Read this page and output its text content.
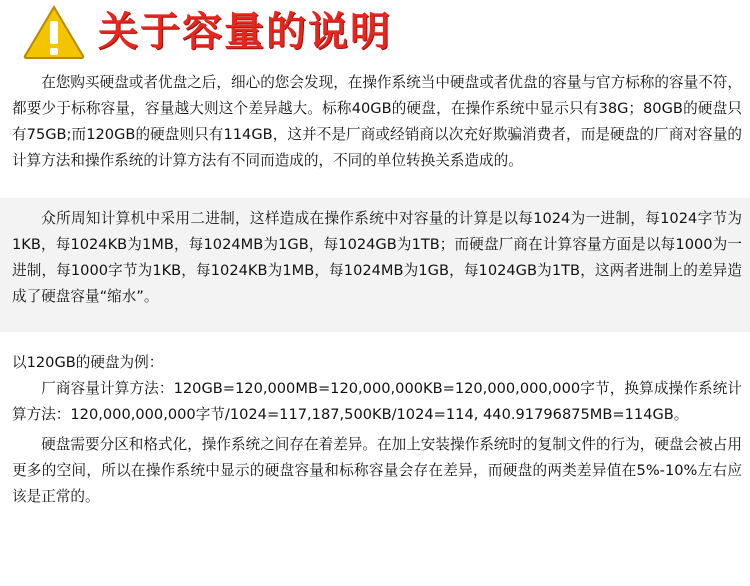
关于容量的说明

在您购买硬盘或者优盘之后，细心的您会发现，在操作系统当中硬盘或者优盘的容量与官方标称的容量不符，都要少于标称容量，容量越大则这个差异越大。标称40GB的硬盘，在操作系统中显示只有38G；80GB的硬盘只有75GB;而120GB的硬盘则只有114GB，这并不是厂商或经销商以次充好欺骗消费者，而是硬盘的厂商对容量的计算方法和操作系统的计算方法有不同而造成的，不同的单位转换关系造成的。

众所周知计算机中采用二进制，这样造成在操作系统中对容量的计算是以每1024为一进制，每1024字节为1KB，每1024KB为1MB，每1024MB为1GB，每1024GB为1TB；而硬盘厂商在计算容量方面是以每1000为一进制，每1000字节为1KB，每1024KB为1MB，每1024MB为1GB，每1024GB为1TB，这两者进制上的差异造成了硬盘容量“缩水”。

以120GB的硬盘为例：

厂商容量计算方法：120GB=120,000MB=120,000,000KB=120,000,000,000字节，换算成操作系统计算方法：120,000,000,000字节/1024=117,187,500KB/1024=114, 440.91796875MB=114GB。

硬盘需要分区和格式化，操作系统之间存在着差异。在加上安装操作系统时的复制文件的行为，硬盘会被占用更多的空间，所以在操作系统中显示的硬盘容量和标称容量会存在差异，而硬盘的两类差异值在5%-10%左右应该是正常的。
